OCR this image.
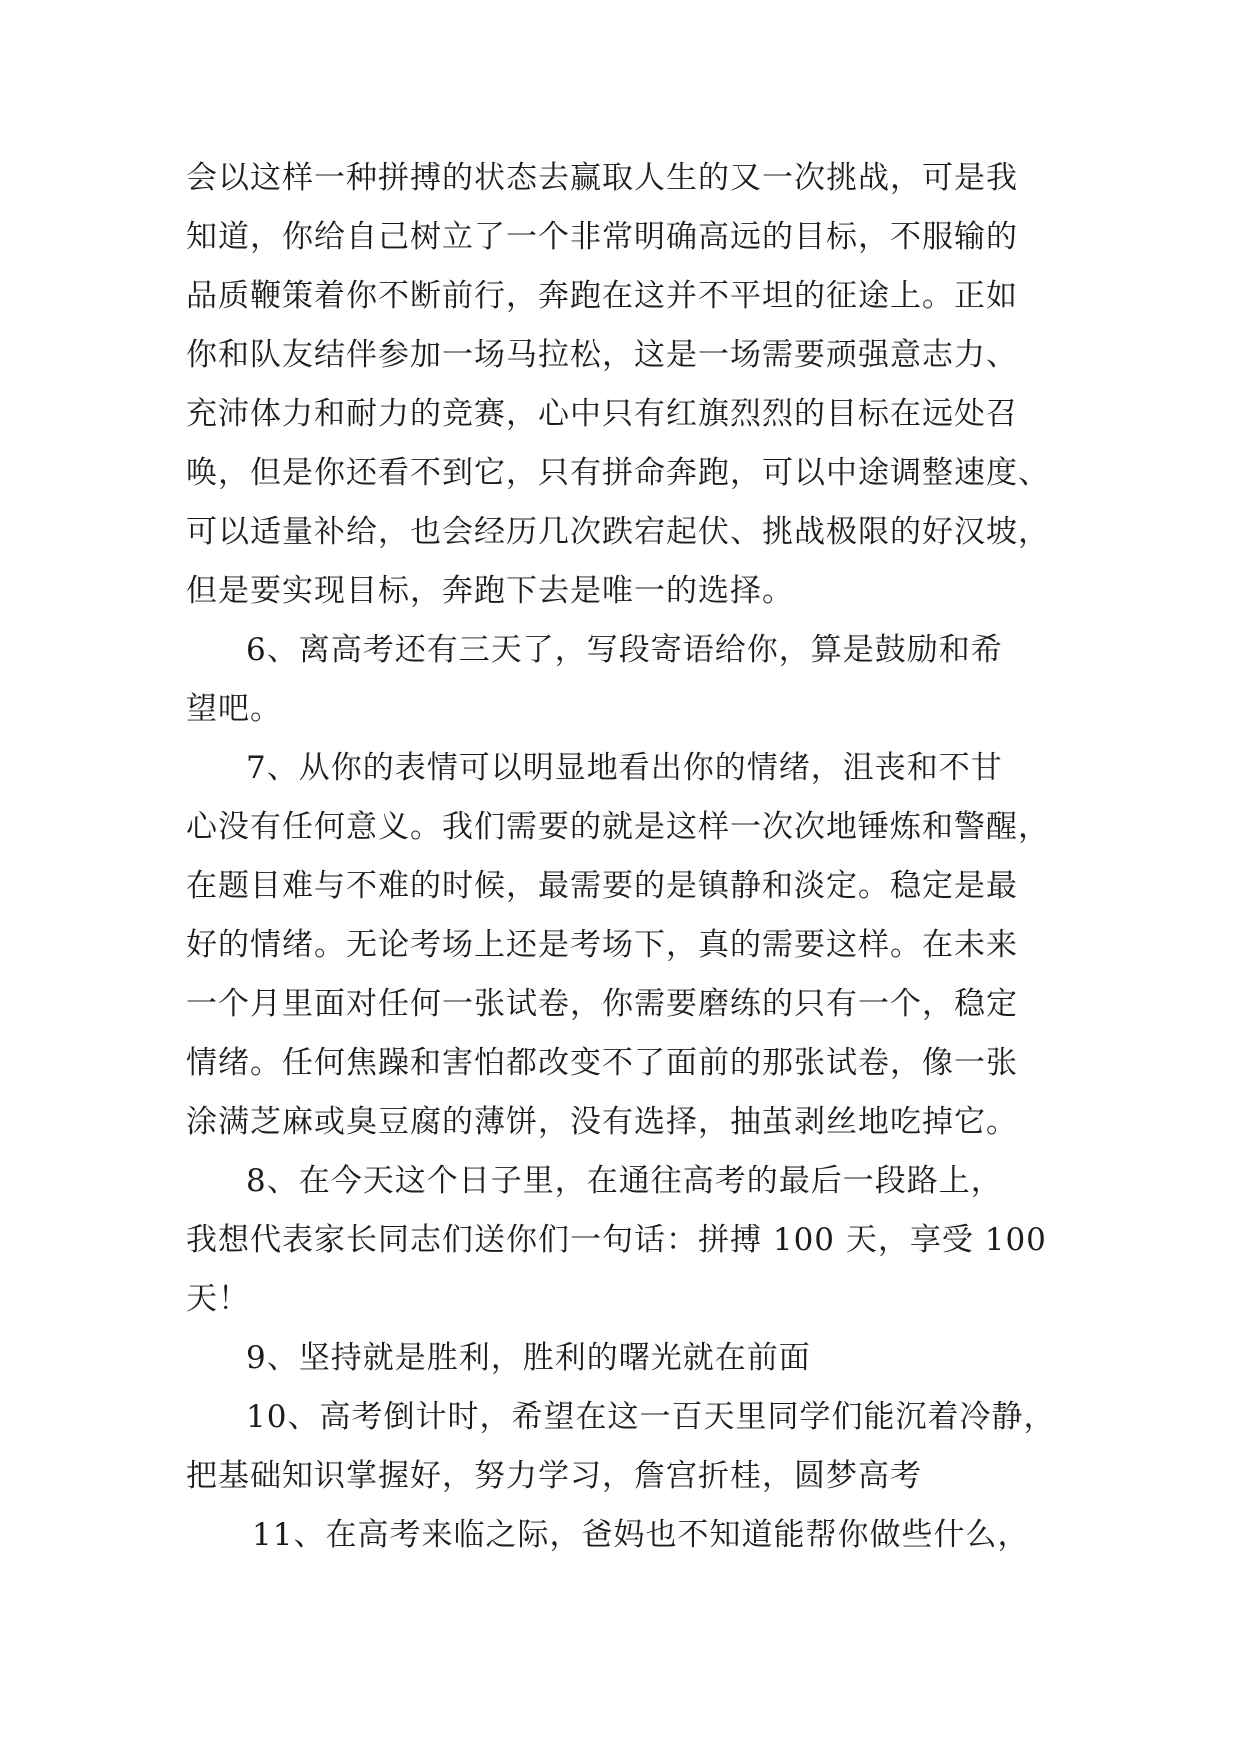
会以这样一种拼搏的状态去赢取人生的又一次挑战，可是我
知道，你给自己树立了一个非常明确高远的目标，不服输的
品质鞭策着你不断前行，奔跑在这并不平坦的征途上。正如
你和队友结伴参加一场马拉松，这是一场需要顽强意志力、
充沛体力和耐力的竞赛，心中只有红旗烈烈的目标在远处召
唤，但是你还看不到它，只有拼命奔跑，可以中途调整速度、
可以适量补给，也会经历几次跌宕起伏、挑战极限的好汉坡，
但是要实现目标，奔跑下去是唯一的选择。
6、离高考还有三天了，写段寄语给你，算是鼓励和希
望吧。
7、从你的表情可以明显地看出你的情绪，沮丧和不甘
心没有任何意义。我们需要的就是这样一次次地锤炼和警醒，
在题目难与不难的时候，最需要的是镇静和淡定。稳定是最
好的情绪。无论考场上还是考场下，真的需要这样。在未来
一个月里面对任何一张试卷，你需要磨练的只有一个，稳定
情绪。任何焦躁和害怕都改变不了面前的那张试卷，像一张
涂满芝麻或臭豆腐的薄饼，没有选择，抽茧剥丝地吃掉它。
8、在今天这个日子里，在通往高考的最后一段路上，
我想代表家长同志们送你们一句话：拼搏 100 天，享受 100
天！
9、坚持就是胜利，胜利的曙光就在前面
10、高考倒计时，希望在这一百天里同学们能沉着冷静，
把基础知识掌握好，努力学习，詹宫折桂，圆梦高考
11、在高考来临之际，爸妈也不知道能帮你做些什么，
